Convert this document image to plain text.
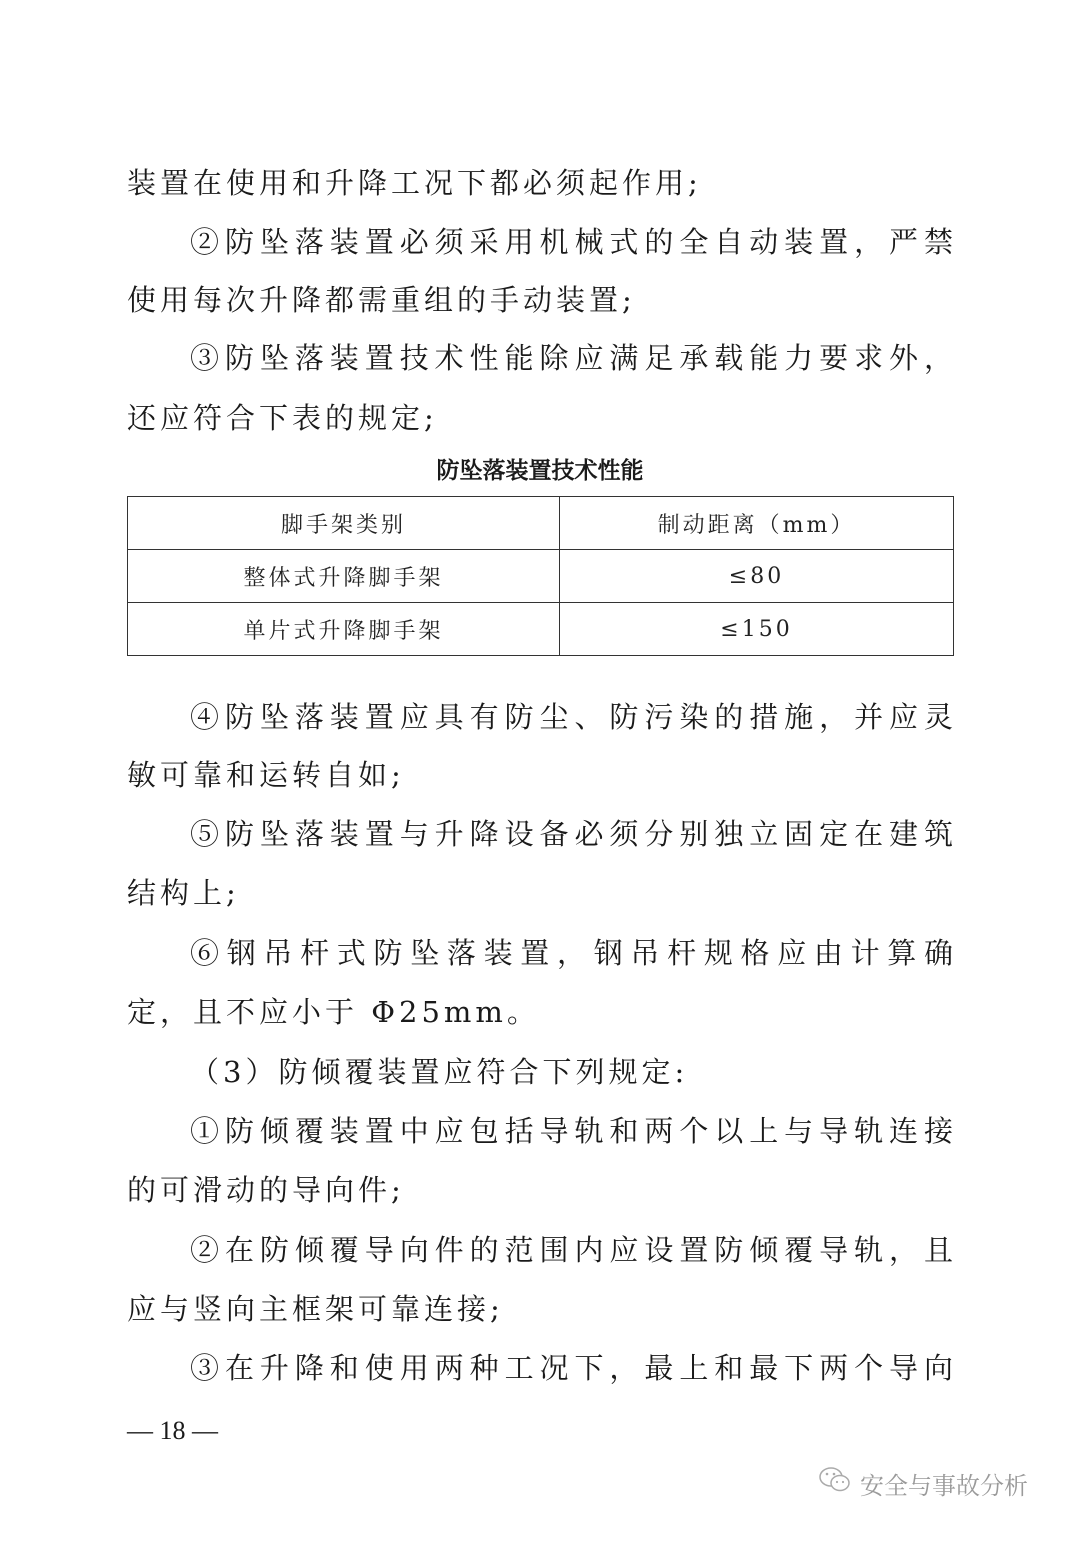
装置在使用和升降工况下都必须起作用;
②防坠落装置必须采用机械式的全自动装置，严禁
使用每次升降都需重组的手动装置;
③防坠落装置技术性能除应满足承载能力要求外，
还应符合下表的规定;
防坠落装置技术性能
脚手架类别	制动距离（mm）
整体式升降脚手架	≤80
单片式升降脚手架	≤150
④防坠落装置应具有防尘、防污染的措施，并应灵
敏可靠和运转自如;
⑤防坠落装置与升降设备必须分别独立固定在建筑
结构上;
⑥钢吊杆式防坠落装置，钢吊杆规格应由计算确
定，且不应小于 Φ25mm。
（3）防倾覆装置应符合下列规定:
①防倾覆装置中应包括导轨和两个以上与导轨连接
的可滑动的导向件;
②在防倾覆导向件的范围内应设置防倾覆导轨，且
应与竖向主框架可靠连接;
③在升降和使用两种工况下，最上和最下两个导向
— 18 —
安全与事故分析
